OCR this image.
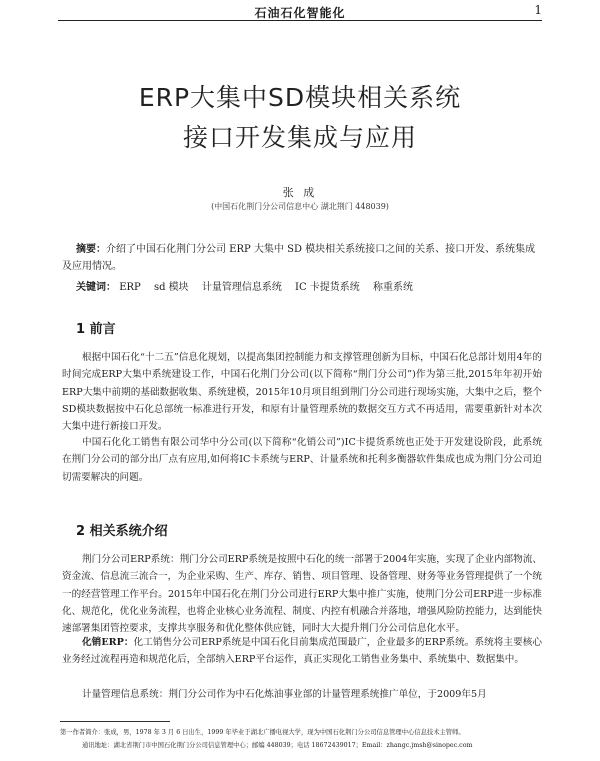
石油石化智能化	1
ERP大集中SD模块相关系统
接口开发集成与应用
张 成
(中国石化荆门分公司信息中心 湖北荆门 448039)
摘要：介绍了中国石化荆门分公司 ERP 大集中 SD 模块相关系统接口之间的关系、接口开发、系统集成及应用情况。
关键词： ERP sd 模块 计量管理信息系统 IC 卡提货系统 称重系统
1 前言
根据中国石化“十二五”信息化规划，以提高集团控制能力和支撑管理创新为目标，中国石化总部计划用4年的时间完成ERP大集中系统建设工作，中国石化荆门分公司(以下简称“荆门分公司”)作为第三批,2015年年初开始ERP大集中前期的基础数据收集、系统建模，2015年10月项目组到荆门分公司进行现场实施，大集中之后，整个SD模块数据按中石化总部统一标准进行开发，和原有计量管理系统的数据交互方式不再适用，需要重新针对本次大集中进行新接口开发。
中国石化化工销售有限公司华中分公司(以下简称“化销公司”)IC卡提货系统也正处于开发建设阶段，此系统在荆门分公司的部分出厂点有应用,如何将IC卡系统与ERP、计量系统和托利多衡器软件集成也成为荆门分公司迫切需要解决的问题。
2 相关系统介绍
荆门分公司ERP系统：荆门分公司ERP系统是按照中石化的统一部署于2004年实施，实现了企业内部物流、资金流、信息流三流合一，为企业采购、生产、库存、销售、项目管理、设备管理、财务等业务管理提供了一个统一的经营管理工作平台。2015年中国石化在荆门分公司进行ERP大集中推广实施，使荆门分公司ERP进一步标准化、规范化，优化业务流程，也将企业核心业务流程、制度、内控有机融合并落地，增强风险防控能力，达到能快速部署集团管控要求，支撑共享服务和优化整体供应链，同时大大提升荆门分公司信息化水平。
化销ERP：化工销售分公司ERP系统是中国石化目前集成范围最广，企业最多的ERP系统。系统将主要核心业务经过流程再造和规范化后，全部纳入ERP平台运作，真正实现化工销售业务集中、系统集中、数据集中。
计量管理信息系统：荆门分公司作为中石化炼油事业部的计量管理系统推广单位，于2009年5月
第一作者简介：张成，男，1978 年 3 月 6 日出生，1999 年毕业于湖北广播电视大学，现为中国石化荆门分公司信息管理中心信息技术主管师。
通讯地址：湖北省荆门市中国石化荆门分公司信息管理中心；邮编 448039；电话 18672439017；Email：zhangc.jmsh@sinopec.com
